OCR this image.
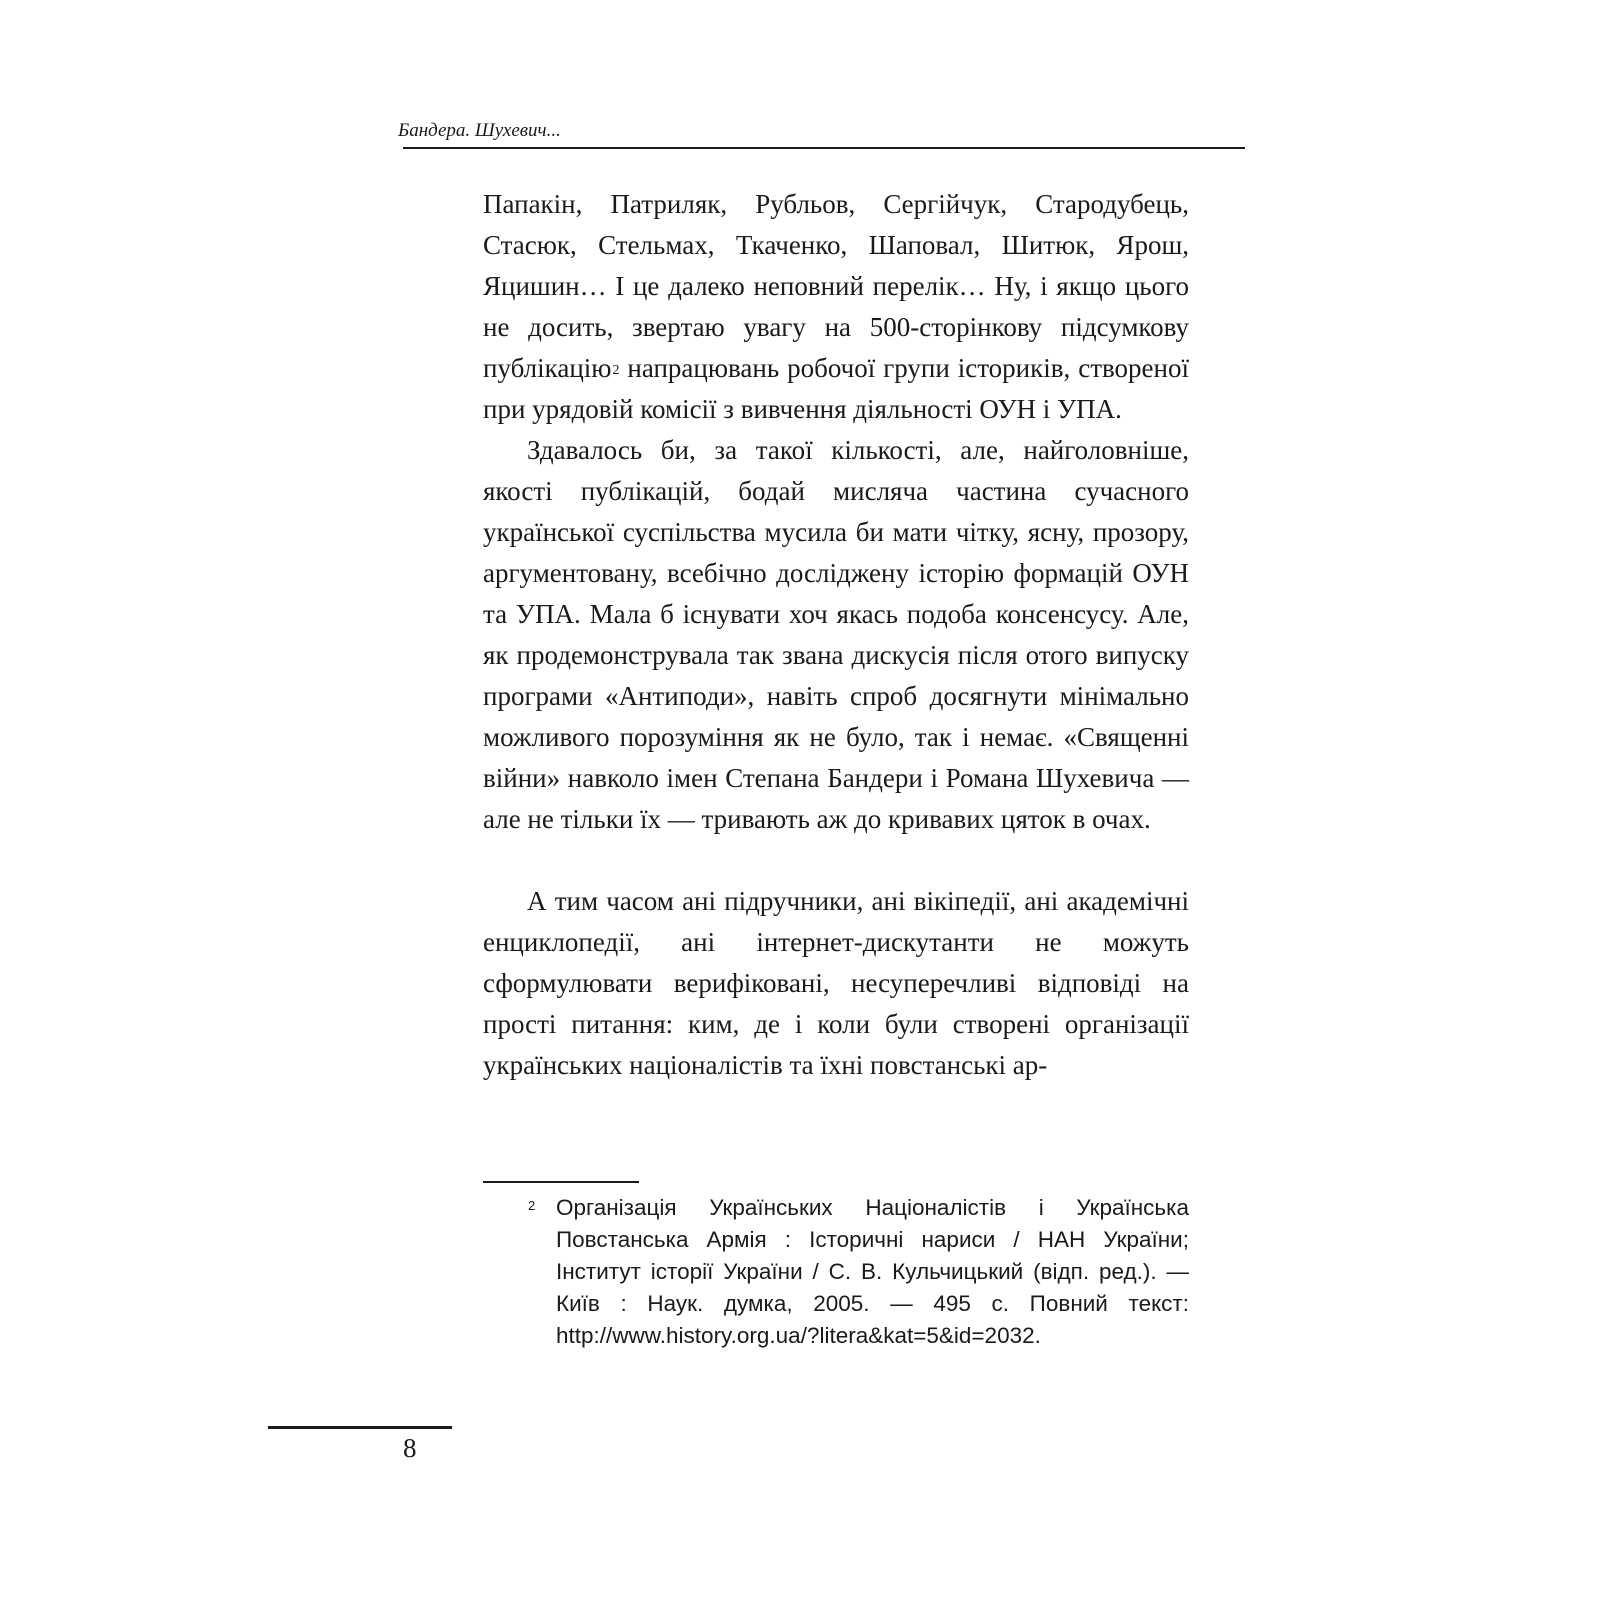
Бандера. Шухевич...

Папакін, Патриляк, Рубльов, Сергійчук, Стародубець, Стасюк, Стельмах, Ткаченко, Шаповал, Шитюк, Ярош, Яцишин… І це далеко неповний перелік… Ну, і якщо цього не досить, звертаю увагу на 500-сторінкову підсумкову публікацію$^2$ напрацювань робочої групи істориків, створеної при урядовій комісії з вивчення діяльності ОУН і УПА.

Здавалось би, за такої кількості, але, найголовніше, якості публікацій, бодай мисляча частина сучасного української суспільства мусила би мати чітку, ясну, прозору, аргументовану, всебічно досліджену історію формацій ОУН та УПА. Мала б існувати хоч якась подоба консенсусу. Але, як продемонструвала так звана дискусія після отого випуску програми «Антиподи», навіть спроб досягнути мінімально можливого порозуміння як не було, так і немає. «Священні війни» навколо імен Степана Бандери і Романа Шухевича — але не тільки їх — тривають аж до кривавих цяток в очах.

А тим часом ані підручники, ані вікіпедії, ані академічні енциклопедії, ані інтернет-дискутанти не можуть сформулювати верифіковані, несуперечливі відповіді на прості питання: ким, де і коли були створені організації українських націоналістів та їхні повстанські ар-

2 Організація Українських Націоналістів і Українська Повстанська Армія : Історичні нариси / НАН України; Інститут історії України / С. В. Кульчицький (відп. ред.). — Київ : Наук. думка, 2005. — 495 с. Повний текст: http://www.history.org.ua/?litera&kat=5&id=2032.
8
